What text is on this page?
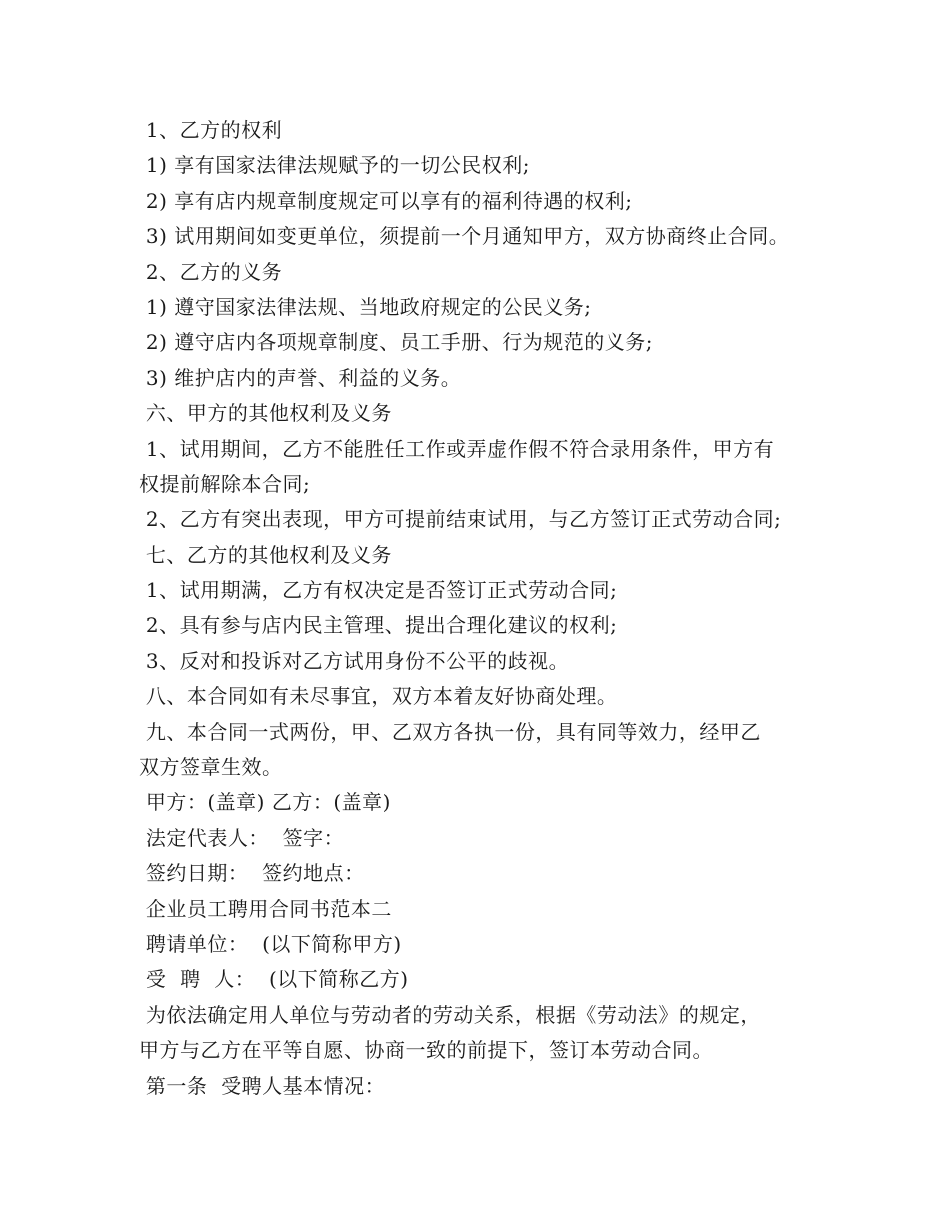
1、乙方的权利
1) 享有国家法律法规赋予的一切公民权利;
2) 享有店内规章制度规定可以享有的福利待遇的权利;
3) 试用期间如变更单位，须提前一个月通知甲方，双方协商终止合同。
2、乙方的义务
1) 遵守国家法律法规、当地政府规定的公民义务;
2) 遵守店内各项规章制度、员工手册、行为规范的义务;
3) 维护店内的声誉、利益的义务。
六、甲方的其他权利及义务
1、试用期间，乙方不能胜任工作或弄虚作假不符合录用条件，甲方有
权提前解除本合同;
2、乙方有突出表现，甲方可提前结束试用，与乙方签订正式劳动合同;
七、乙方的其他权利及义务
1、试用期满，乙方有权决定是否签订正式劳动合同;
2、具有参与店内民主管理、提出合理化建议的权利;
3、反对和投诉对乙方试用身份不公平的歧视。
八、本合同如有未尽事宜，双方本着友好协商处理。
九、本合同一式两份，甲、乙双方各执一份，具有同等效力，经甲乙
双方签章生效。
甲方：(盖章) 乙方：(盖章)
法定代表人：  签字：
签约日期：  签约地点：
企业员工聘用合同书范本二
聘请单位：  (以下简称甲方)
受  聘  人：  (以下简称乙方)
为依法确定用人单位与劳动者的劳动关系，根据《劳动法》的规定，
甲方与乙方在平等自愿、协商一致的前提下，签订本劳动合同。
第一条  受聘人基本情况：
